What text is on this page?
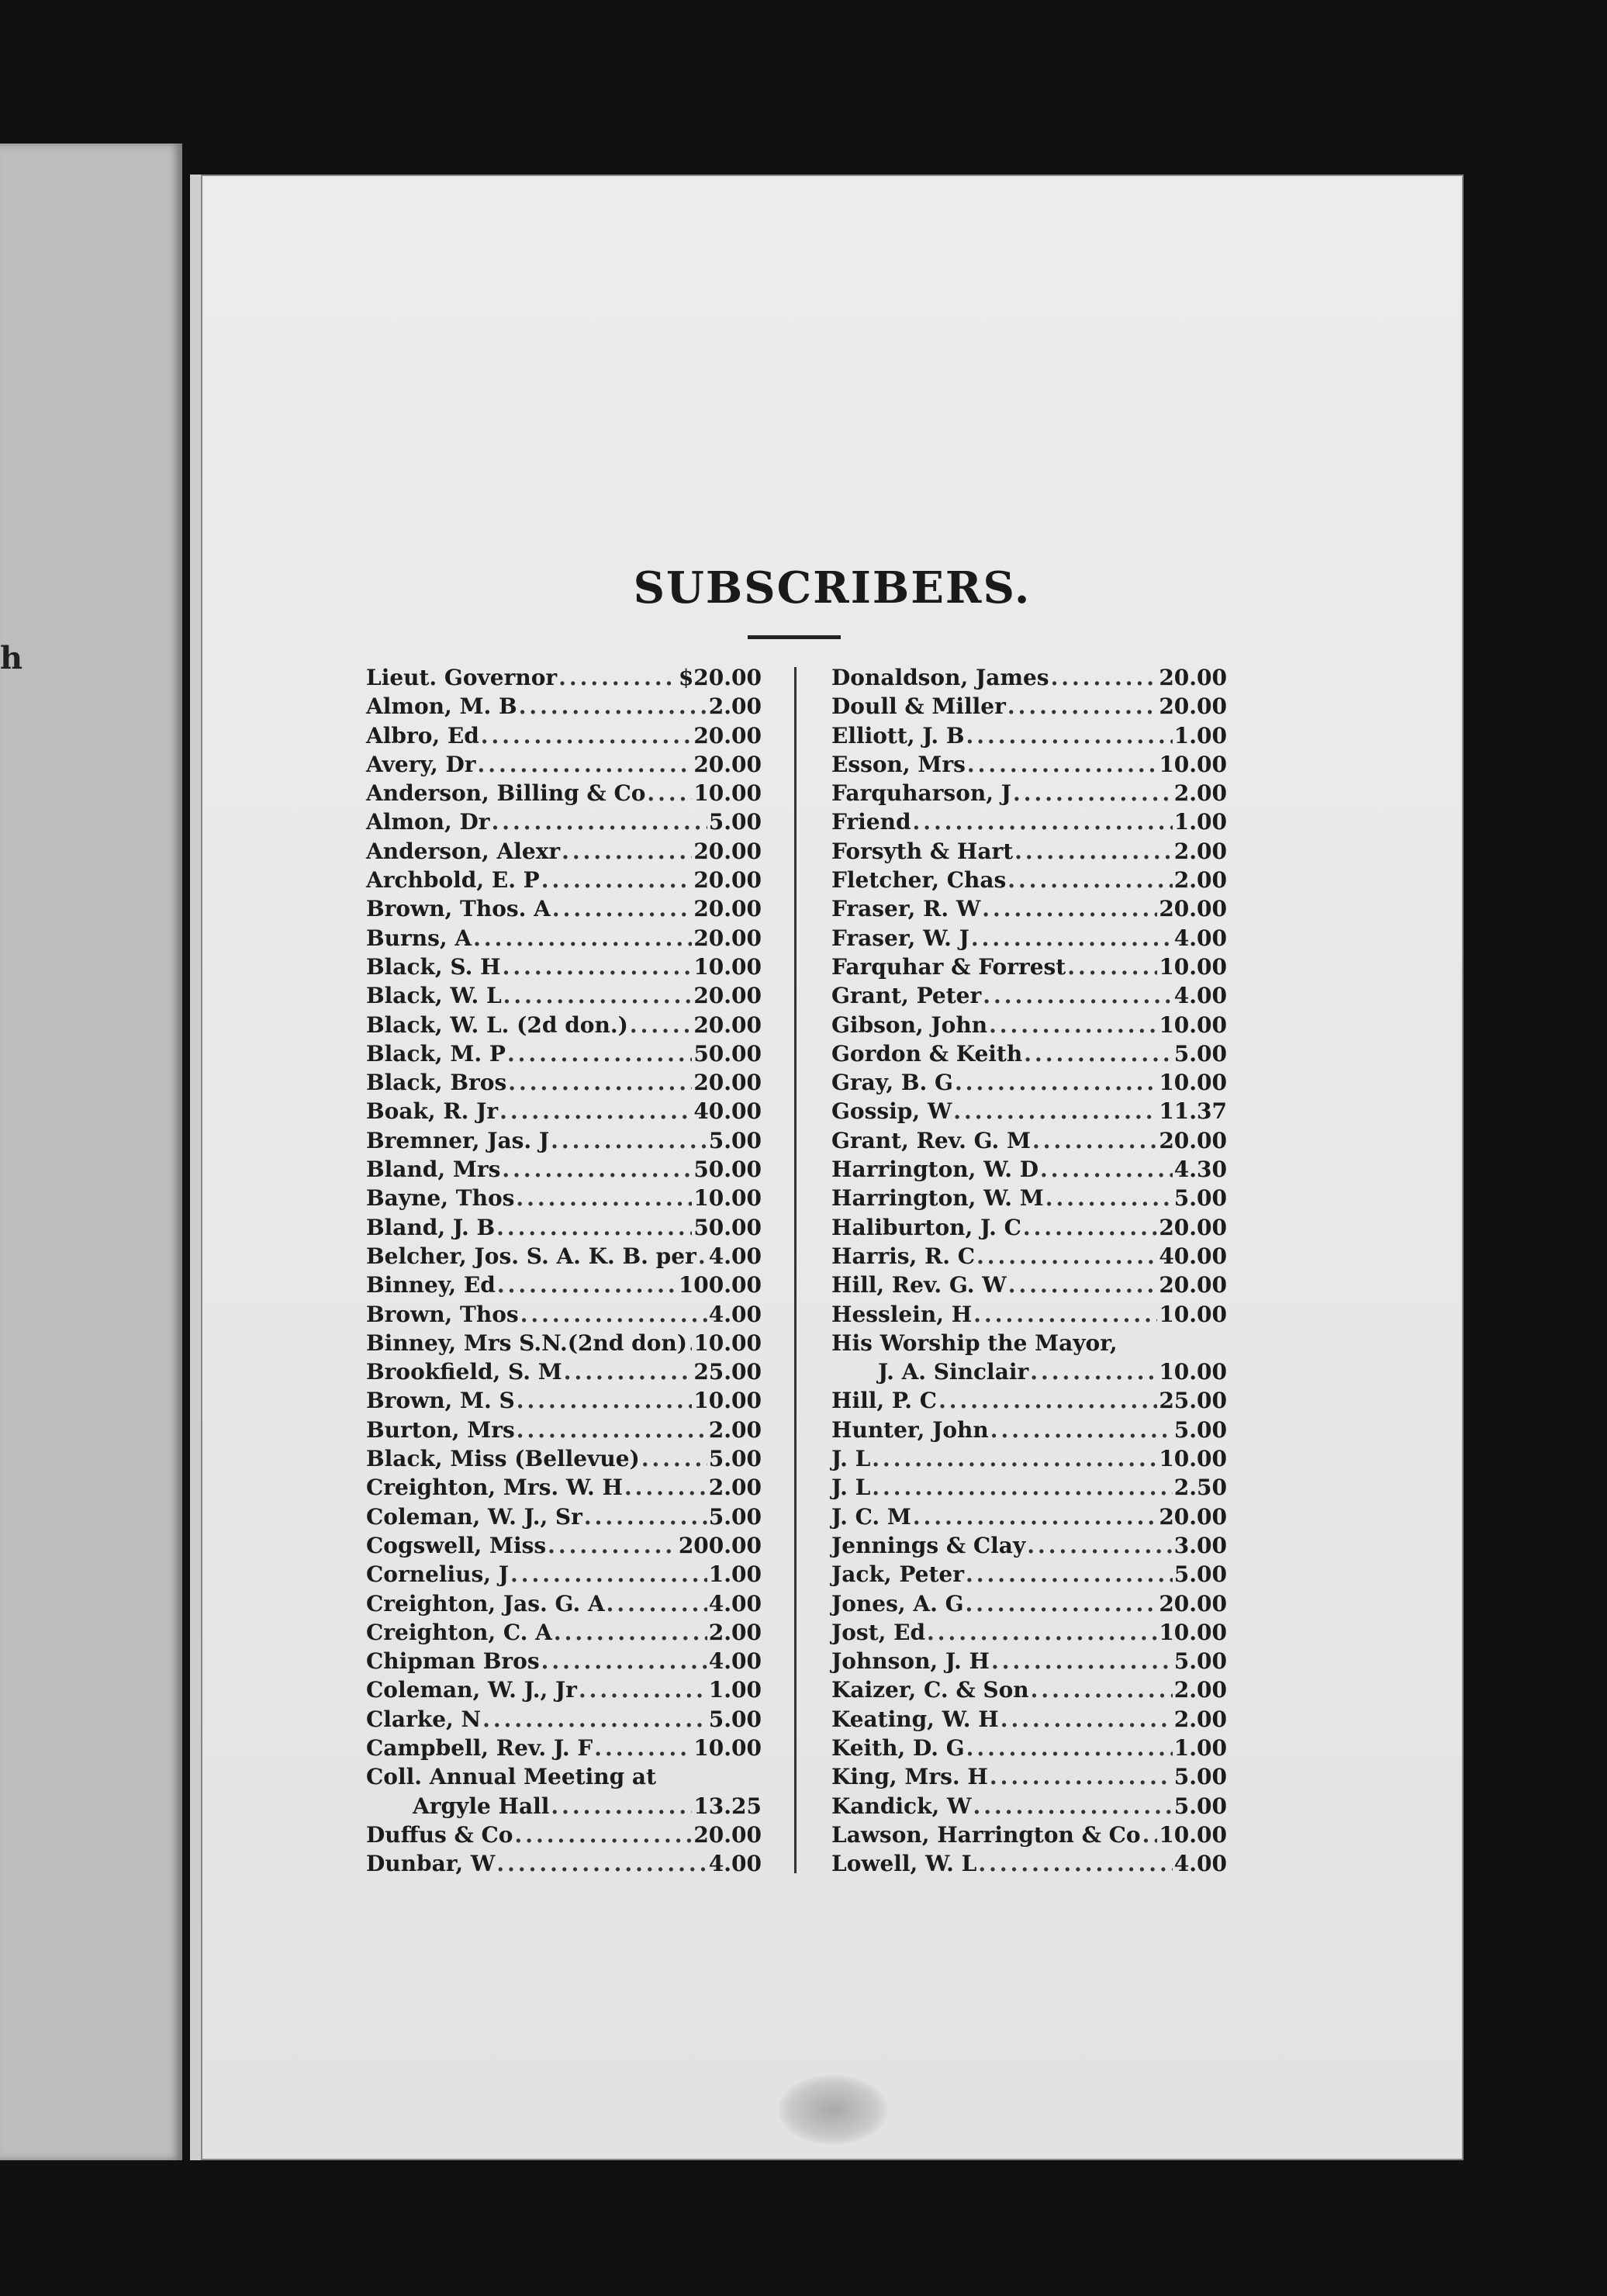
h
SUBSCRIBERS.
Lieut. Governor .....	$20.00
Almon, M. B .....	2.00
Albro, Ed .....	20.00
Avery, Dr .....	20.00
Anderson, Billing & Co ..... 10.00
Almon, Dr .....	5.00
Anderson, Alexr .....	20.00
Archbold, E. P .....	20.00
Brown, Thos. A .....	20.00
Burns, A .....	20.00
Black, S. H .....	10.00
Black, W. L .....	20.00
Black, W. L. (2d don.) .....	20.00
Black, M. P .....	50.00
Black, Bros .....	20.00
Boak, R. Jr .....	40.00
Bremner, Jas. J .....	5.00
Bland, Mrs .....	50.00
Bayne, Thos .....	10.00
Bland, J. B .....	50.00
Belcher, Jos. S. A. K. B. per ..... 4.00
Binney, Ed .....	100.00
Brown, Thos .....	4.00
Binney, Mrs S.N.(2nd don) ..... 10.00
Brookfield, S. M .....	25.00
Brown, M. S .....	10.00
Burton, Mrs .....	2.00
Black, Miss (Bellevue) .....	5.00
Creighton, Mrs. W. H .....	2.00
Coleman, W. J., Sr .....	5.00
Cogswell, Miss .....	200.00
Cornelius, J .....	1.00
Creighton, Jas. G. A .....	4.00
Creighton, C. A .....	2.00
Chipman Bros .....	4.00
Coleman, W. J., Jr .....	1.00
Clarke, N .....	5.00
Campbell, Rev. J. F .....	10.00
Coll. Annual Meeting at
Argyle Hall .....	13.25
Duffus & Co .....	20.00
Dunbar, W .....	4.00
Donaldson, James .....	20.00
Doull & Miller .....	20.00
Elliott, J. B .....	1.00
Esson, Mrs .....	10.00
Farquharson, J .....	2.00
Friend .....	1.00
Forsyth & Hart .....	2.00
Fletcher, Chas .....	2.00
Fraser, R. W .....	20.00
Fraser, W. J .....	4.00
Farquhar & Forrest .....	10.00
Grant, Peter .....	4.00
Gibson, John .....	10.00
Gordon & Keith .....	5.00
Gray, B. G .....	10.00
Gossip, W .....	11.37
Grant, Rev. G. M .....	20.00
Harrington, W. D .....	4.30
Harrington, W. M .....	5.00
Haliburton, J. C .....	20.00
Harris, R. C .....	40.00
Hill, Rev. G. W .....	20.00
Hesslein, H .....	10.00
His Worship the Mayor,
J. A. Sinclair .....	10.00
Hill, P. C .....	25.00
Hunter, John .....	5.00
J. L .....	10.00
J. L .....	2.50
J. C. M .....	20.00
Jennings & Clay .....	3.00
Jack, Peter .....	5.00
Jones, A. G .....	20.00
Jost, Ed .....	10.00
Johnson, J. H .....	5.00
Kaizer, C. & Son .....	2.00
Keating, W. H .....	2.00
Keith, D. G .....	1.00
King, Mrs. H .....	5.00
Kandick, W .....	5.00
Lawson, Harrington & Co ..... 10.00
Lowell, W. L .....	4.00
